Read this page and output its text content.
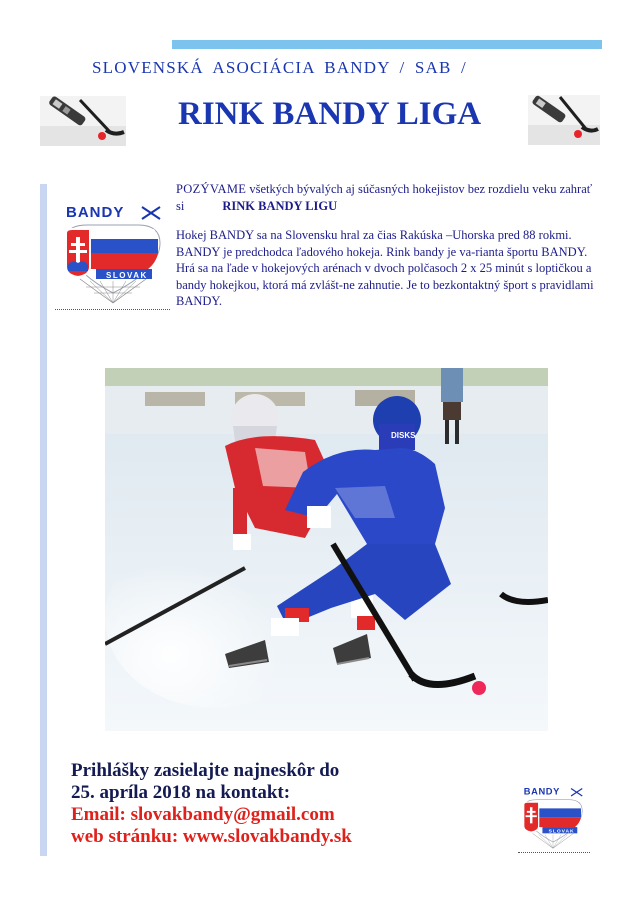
SLOVENSKÁ ASOCIÁCIA BANDY / SAB /
RINK BANDY LIGA
BANDY
SLOVAK
POZÝVAME všetkých bývalých aj súčasných hokejistov bez rozdielu veku zahrať si	RINK BANDY LIGU
Hokej BANDY sa na Slovensku hral za čias Rakúska –Uhorska pred 88 rokmi. BANDY je predchodca ľadového hokeja. Rink bandy je va-rianta športu BANDY. Hrá sa na ľade v hokejových arénach v dvoch polčasoch 2 x 25 minút s loptičkou a bandy hokejkou, ktorá má zvlášt-ne zahnutie. Je to bezkontaktný šport s pravidlami BANDY.
DISKS
Prihlášky zasielajte najneskôr do
25. apríla 2018 na kontakt:
Email: slovakbandy@gmail.com
web stránku: www.slovakbandy.sk
BANDY
SLOVAK
